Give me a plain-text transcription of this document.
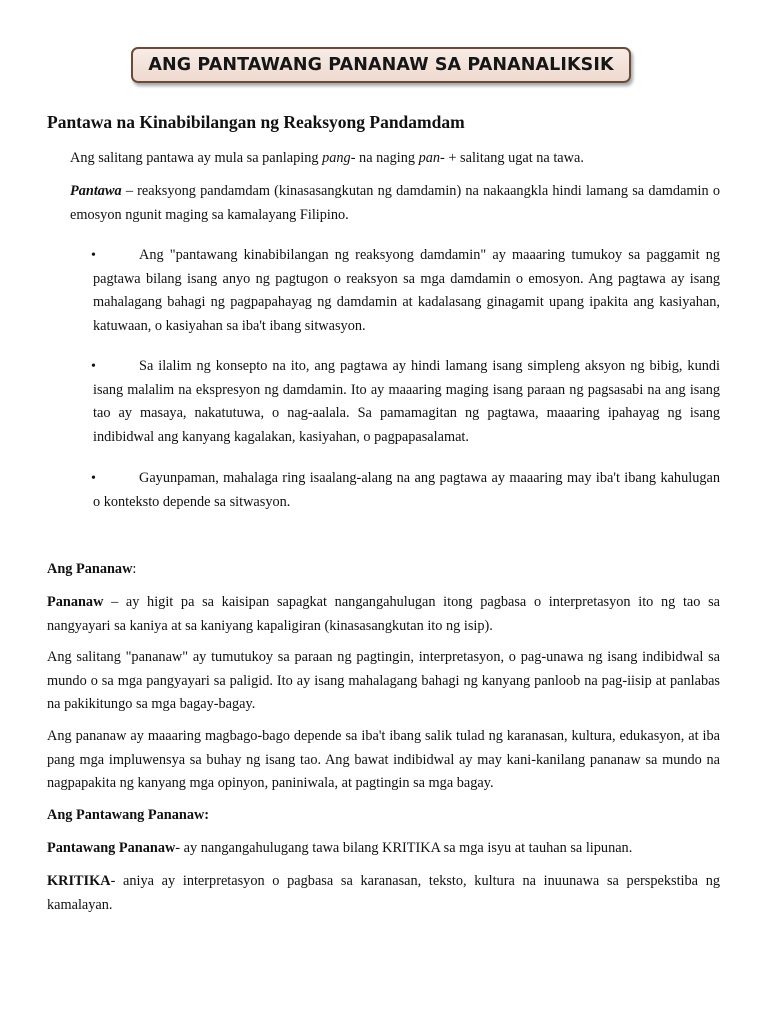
ANG PANTAWANG PANANAW SA PANANALIKSIK
Pantawa na Kinabibilangan ng Reaksyong Pandamdam
Ang salitang pantawa ay mula sa panlaping pang- na naging pan- + salitang ugat na tawa.
Pantawa – reaksyong pandamdam (kinasasangkutan ng damdamin) na nakaangkla hindi lamang sa damdamin o emosyon ngunit maging sa kamalayang Filipino.
•	Ang "pantawang kinabibilangan ng reaksyong damdamin" ay maaaring tumukoy sa paggamit ng pagtawa bilang isang anyo ng pagtugon o reaksyon sa mga damdamin o emosyon. Ang pagtawa ay isang mahalagang bahagi ng pagpapahayag ng damdamin at kadalasang ginagamit upang ipakita ang kasiyahan, katuwaan, o kasiyahan sa iba't ibang sitwasyon.
•	Sa ilalim ng konsepto na ito, ang pagtawa ay hindi lamang isang simpleng aksyon ng bibig, kundi isang malalim na ekspresyon ng damdamin. Ito ay maaaring maging isang paraan ng pagsasabi na ang isang tao ay masaya, nakatutuwa, o nag-aalala. Sa pamamagitan ng pagtawa, maaaring ipahayag ng isang indibidwal ang kanyang kagalakan, kasiyahan, o pagpapasalamat.
•	Gayunpaman, mahalaga ring isaalang-alang na ang pagtawa ay maaaring may iba't ibang kahulugan o konteksto depende sa sitwasyon.
Ang Pananaw:
Pananaw – ay higit pa sa kaisipan sapagkat nangangahulugan itong pagbasa o interpretasyon ito ng tao sa nangyayari sa kaniya at sa kaniyang kapaligiran (kinasasangkutan ito ng isip).
Ang salitang "pananaw" ay tumutukoy sa paraan ng pagtingin, interpretasyon, o pag-unawa ng isang indibidwal sa mundo o sa mga pangyayari sa paligid. Ito ay isang mahalagang bahagi ng kanyang panloob na pag-iisip at panlabas na pakikitungo sa mga bagay-bagay.
Ang pananaw ay maaaring magbago-bago depende sa iba't ibang salik tulad ng karanasan, kultura, edukasyon, at iba pang mga impluwensya sa buhay ng isang tao. Ang bawat indibidwal ay may kani-kanilang pananaw sa mundo na nagpapakita ng kanyang mga opinyon, paniniwala, at pagtingin sa mga bagay.
Ang Pantawang Pananaw:
Pantawang Pananaw- ay nangangahulugang tawa bilang KRITIKA sa mga isyu at tauhan sa lipunan.
KRITIKA- aniya ay interpretasyon o pagbasa sa karanasan, teksto, kultura na inuunawa sa perspekstiba ng kamalayan.
